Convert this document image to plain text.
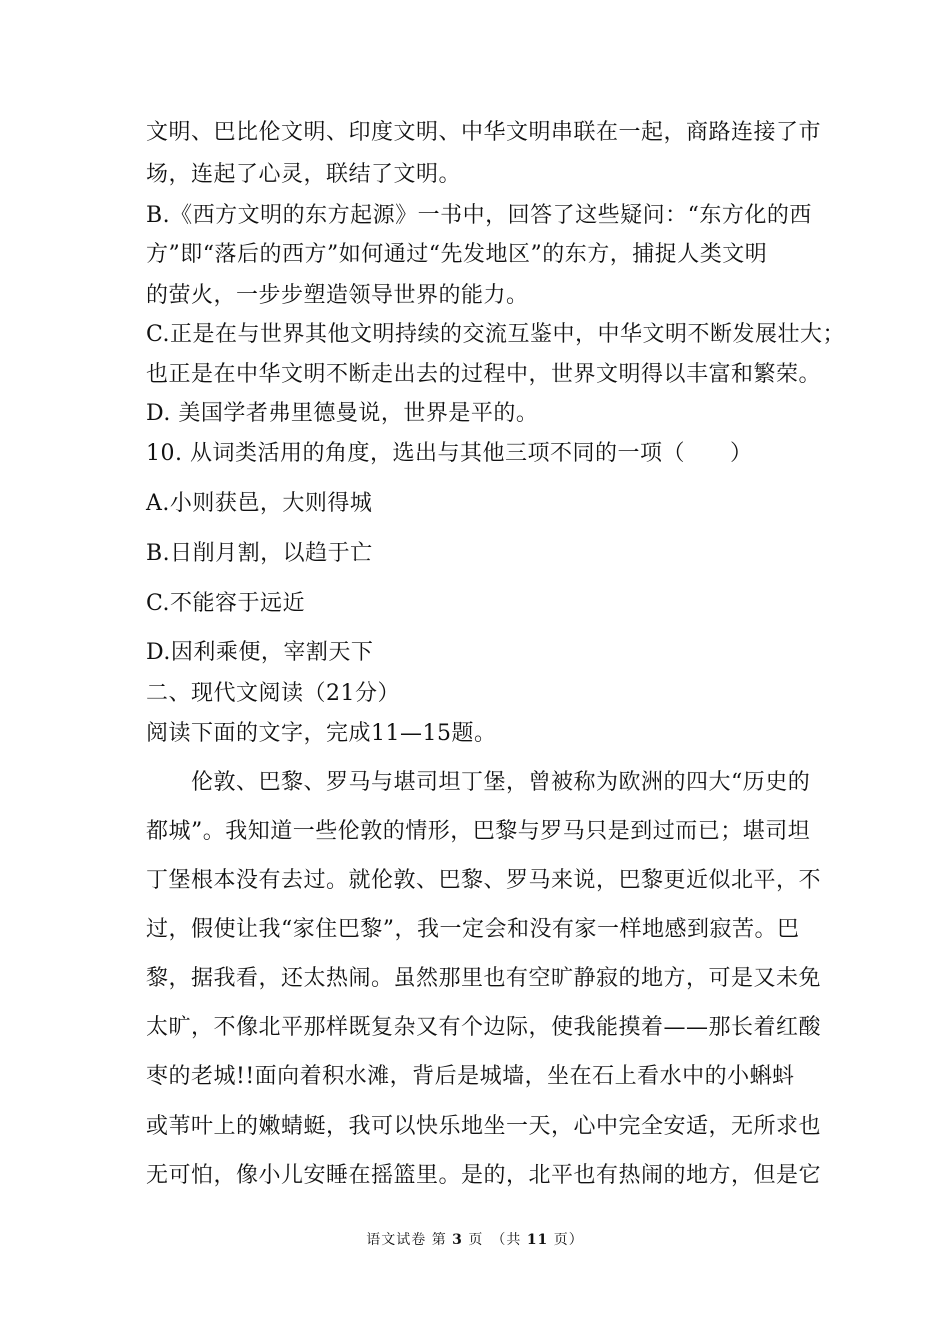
文明、巴比伦文明、印度文明、中华文明串联在一起，商路连接了市

场，连起了心灵，联结了文明。

B.《西方文明的东方起源》一书中，回答了这些疑问：“东方化的西

方”即“落后的西方”如何通过“先发地区”的东方，捕捉人类文明

的萤火，一步步塑造领导世界的能力。

C.正是在与世界其他文明持续的交流互鉴中，中华文明不断发展壮大；

也正是在中华文明不断走出去的过程中，世界文明得以丰富和繁荣。

D. 美国学者弗里德曼说，世界是平的。

10. 从词类活用的角度，选出与其他三项不同的一项（　　）

A.小则获邑，大则得城

B.日削月割，以趋于亡

C.不能容于远近

D.因利乘便，宰割天下

二、现代文阅读（21分）

阅读下面的文字，完成11—15题。

　　伦敦、巴黎、罗马与堪司坦丁堡，曾被称为欧洲的四大“历史的

都城”。我知道一些伦敦的情形，巴黎与罗马只是到过而已；堪司坦

丁堡根本没有去过。就伦敦、巴黎、罗马来说，巴黎更近似北平，不

过，假使让我“家住巴黎”，我一定会和没有家一样地感到寂苦。巴

黎，据我看，还太热闹。虽然那里也有空旷静寂的地方，可是又未免

太旷，不像北平那样既复杂又有个边际，使我能摸着——那长着红酸

枣的老城!!面向着积水滩，背后是城墙，坐在石上看水中的小蝌蚪

或苇叶上的嫩蜻蜓，我可以快乐地坐一天，心中完全安适，无所求也

无可怕，像小儿安睡在摇篮里。是的，北平也有热闹的地方，但是它

语文试卷 第 3 页　（共 11 页）
